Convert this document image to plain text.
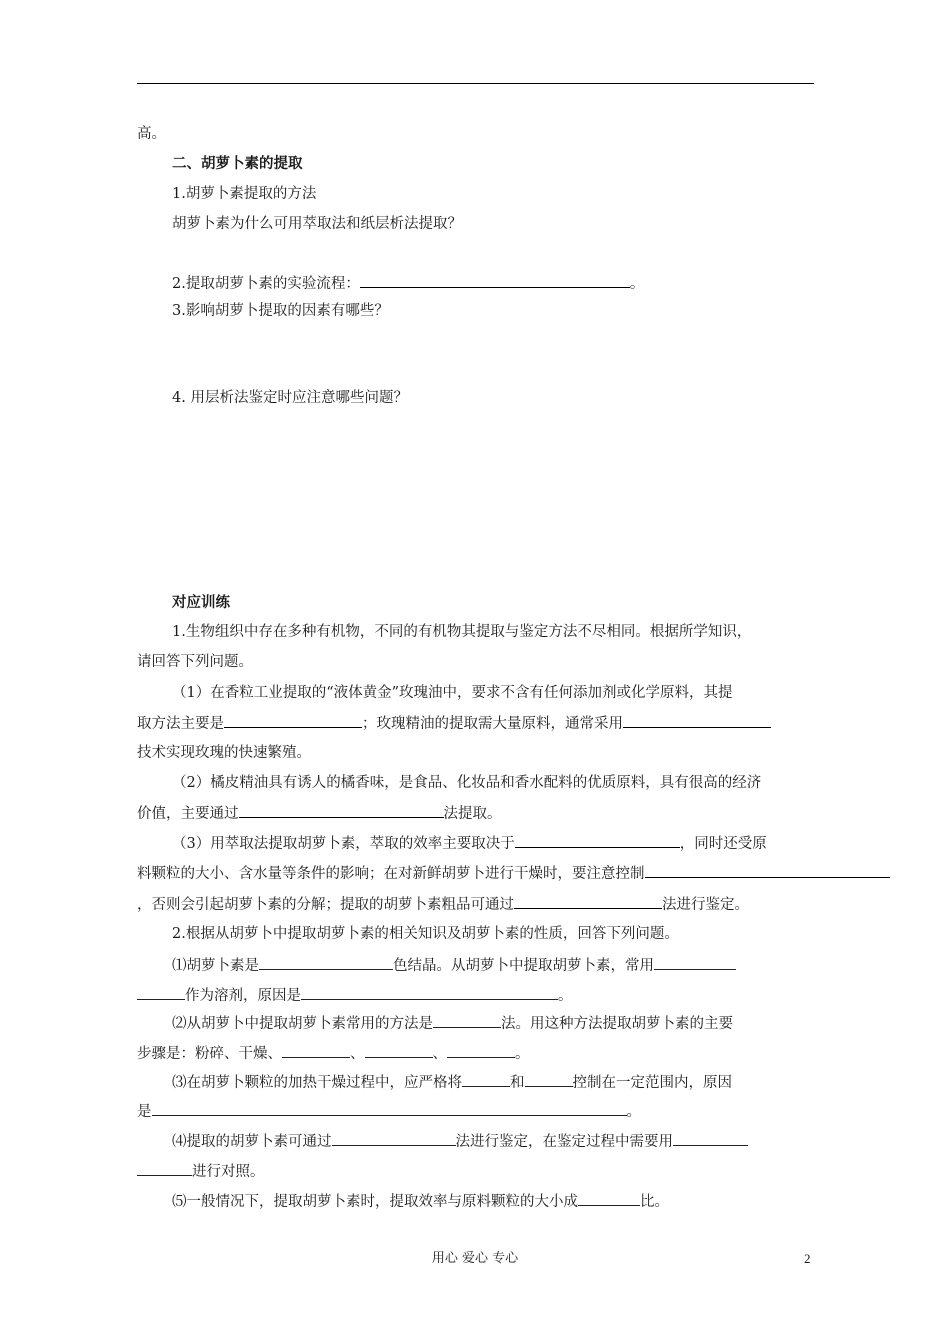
高。
二、胡萝卜素的提取
1.胡萝卜素提取的方法
胡萝卜素为什么可用萃取法和纸层析法提取？
2.提取胡萝卜素的实验流程：	。
3.影响胡萝卜提取的因素有哪些？
4. 用层析法鉴定时应注意哪些问题？
对应训练
1.生物组织中存在多种有机物，不同的有机物其提取与鉴定方法不尽相同。根据所学知识，
请回答下列问题。
（1）在香粒工业提取的“液体黄金”玫瑰油中，要求不含有任何添加剂或化学原料，其提
取方法主要是	；玫瑰精油的提取需大量原料，通常采用
技术实现玫瑰的快速繁殖。
（2）橘皮精油具有诱人的橘香味，是食品、化妆品和香水配料的优质原料，具有很高的经济
价值，主要通过	法提取。
（3）用萃取法提取胡萝卜素，萃取的效率主要取决于	，同时还受原
料颗粒的大小、含水量等条件的影响；在对新鲜胡萝卜进行干燥时，要注意控制
，否则会引起胡萝卜素的分解；提取的胡萝卜素粗品可通过	法进行鉴定。
2.根据从胡萝卜中提取胡萝卜素的相关知识及胡萝卜素的性质，回答下列问题。
⑴胡萝卜素是	色结晶。从胡萝卜中提取胡萝卜素，常用
作为溶剂，原因是	。
⑵从胡萝卜中提取胡萝卜素常用的方法是	法。用这种方法提取胡萝卜素的主要
步骤是：粉碎、干燥、	、	、	。
⑶在胡萝卜颗粒的加热干燥过程中，应严格将	和	控制在一定范围内，原因
是	。
⑷提取的胡萝卜素可通过	法进行鉴定，在鉴定过程中需要用
进行对照。
⑸一般情况下，提取胡萝卜素时，提取效率与原料颗粒的大小成	比。
用心 爱心 专心	2
